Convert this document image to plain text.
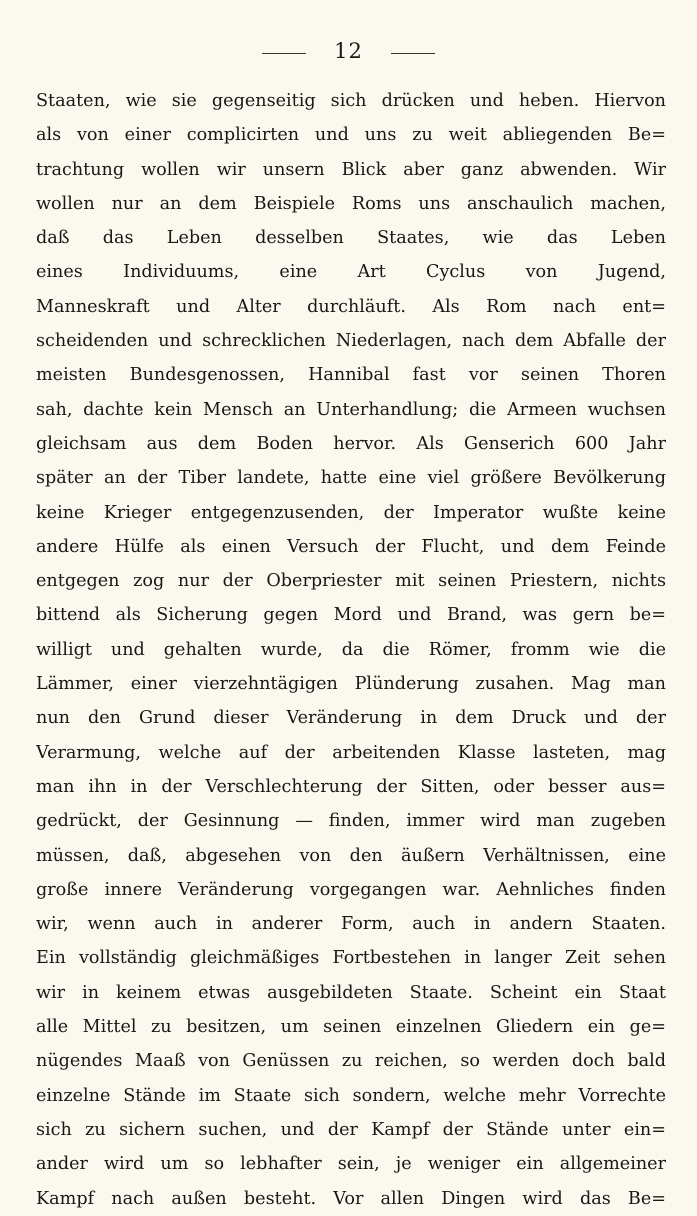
12
Staaten, wie sie gegenseitig sich drücken und heben. Hiervon
als von einer complicirten und uns zu weit abliegenden Be=
trachtung wollen wir unsern Blick aber ganz abwenden. Wir
wollen nur an dem Beispiele Roms uns anschaulich machen,
daß das Leben desselben Staates, wie das Leben
eines Individuums, eine Art Cyclus von Jugend,
Manneskraft und Alter durchläuft. Als Rom nach ent=
scheidenden und schrecklichen Niederlagen, nach dem Abfalle der
meisten Bundesgenossen, Hannibal fast vor seinen Thoren
sah, dachte kein Mensch an Unterhandlung; die Armeen wuchsen
gleichsam aus dem Boden hervor. Als Genserich 600 Jahr
später an der Tiber landete, hatte eine viel größere Bevölkerung
keine Krieger entgegenzusenden, der Imperator wußte keine
andere Hülfe als einen Versuch der Flucht, und dem Feinde
entgegen zog nur der Oberpriester mit seinen Priestern, nichts
bittend als Sicherung gegen Mord und Brand, was gern be=
willigt und gehalten wurde, da die Römer, fromm wie die
Lämmer, einer vierzehntägigen Plünderung zusahen. Mag man
nun den Grund dieser Veränderung in dem Druck und der
Verarmung, welche auf der arbeitenden Klasse lasteten, mag
man ihn in der Verschlechterung der Sitten, oder besser aus=
gedrückt, der Gesinnung — finden, immer wird man zugeben
müssen, daß, abgesehen von den äußern Verhältnissen, eine
große innere Veränderung vorgegangen war. Aehnliches finden
wir, wenn auch in anderer Form, auch in andern Staaten.
Ein vollständig gleichmäßiges Fortbestehen in langer Zeit sehen
wir in keinem etwas ausgebildeten Staate. Scheint ein Staat
alle Mittel zu besitzen, um seinen einzelnen Gliedern ein ge=
nügendes Maaß von Genüssen zu reichen, so werden doch bald
einzelne Stände im Staate sich sondern, welche mehr Vorrechte
sich zu sichern suchen, und der Kampf der Stände unter ein=
ander wird um so lebhafter sein, je weniger ein allgemeiner
Kampf nach außen besteht. Vor allen Dingen wird das Be=
